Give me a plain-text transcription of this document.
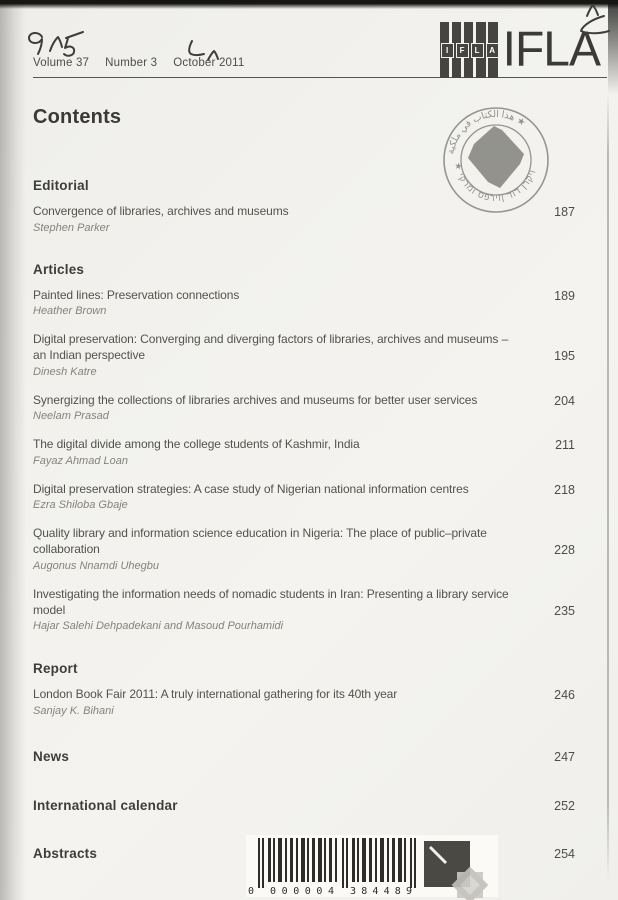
I	F	L	A IFLA
هذا الكتاب في ملكية ★
★ ויקרן דוד ןוירפס ומרקי
Volume 37 Number 3 October 2011
Contents
Editorial
Convergence of libraries, archives and museums	187
Stephen Parker
Articles
Painted lines: Preservation connections	189
Heather Brown
Digital preservation: Converging and diverging factors of libraries, archives and museums – an Indian perspective	195
Dinesh Katre
Synergizing the collections of libraries archives and museums for better user services	204
Neelam Prasad
The digital divide among the college students of Kashmir, India	211
Fayaz Ahmad Loan
Digital preservation strategies: A case study of Nigerian national information centres	218
Ezra Shiloba Gbaje
Quality library and information science education in Nigeria: The place of public–private collaboration	228
Augonus Nnamdi Uhegbu
Investigating the information needs of nomadic students in Iran: Presenting a library service model	235
Hajar Salehi Dehpadekani and Masoud Pourhamidi
Report
London Book Fair 2011: A truly international gathering for its 40th year	246
Sanjay K. Bihani
News	247
International calendar	252
Abstracts	254
0 000004 384489
